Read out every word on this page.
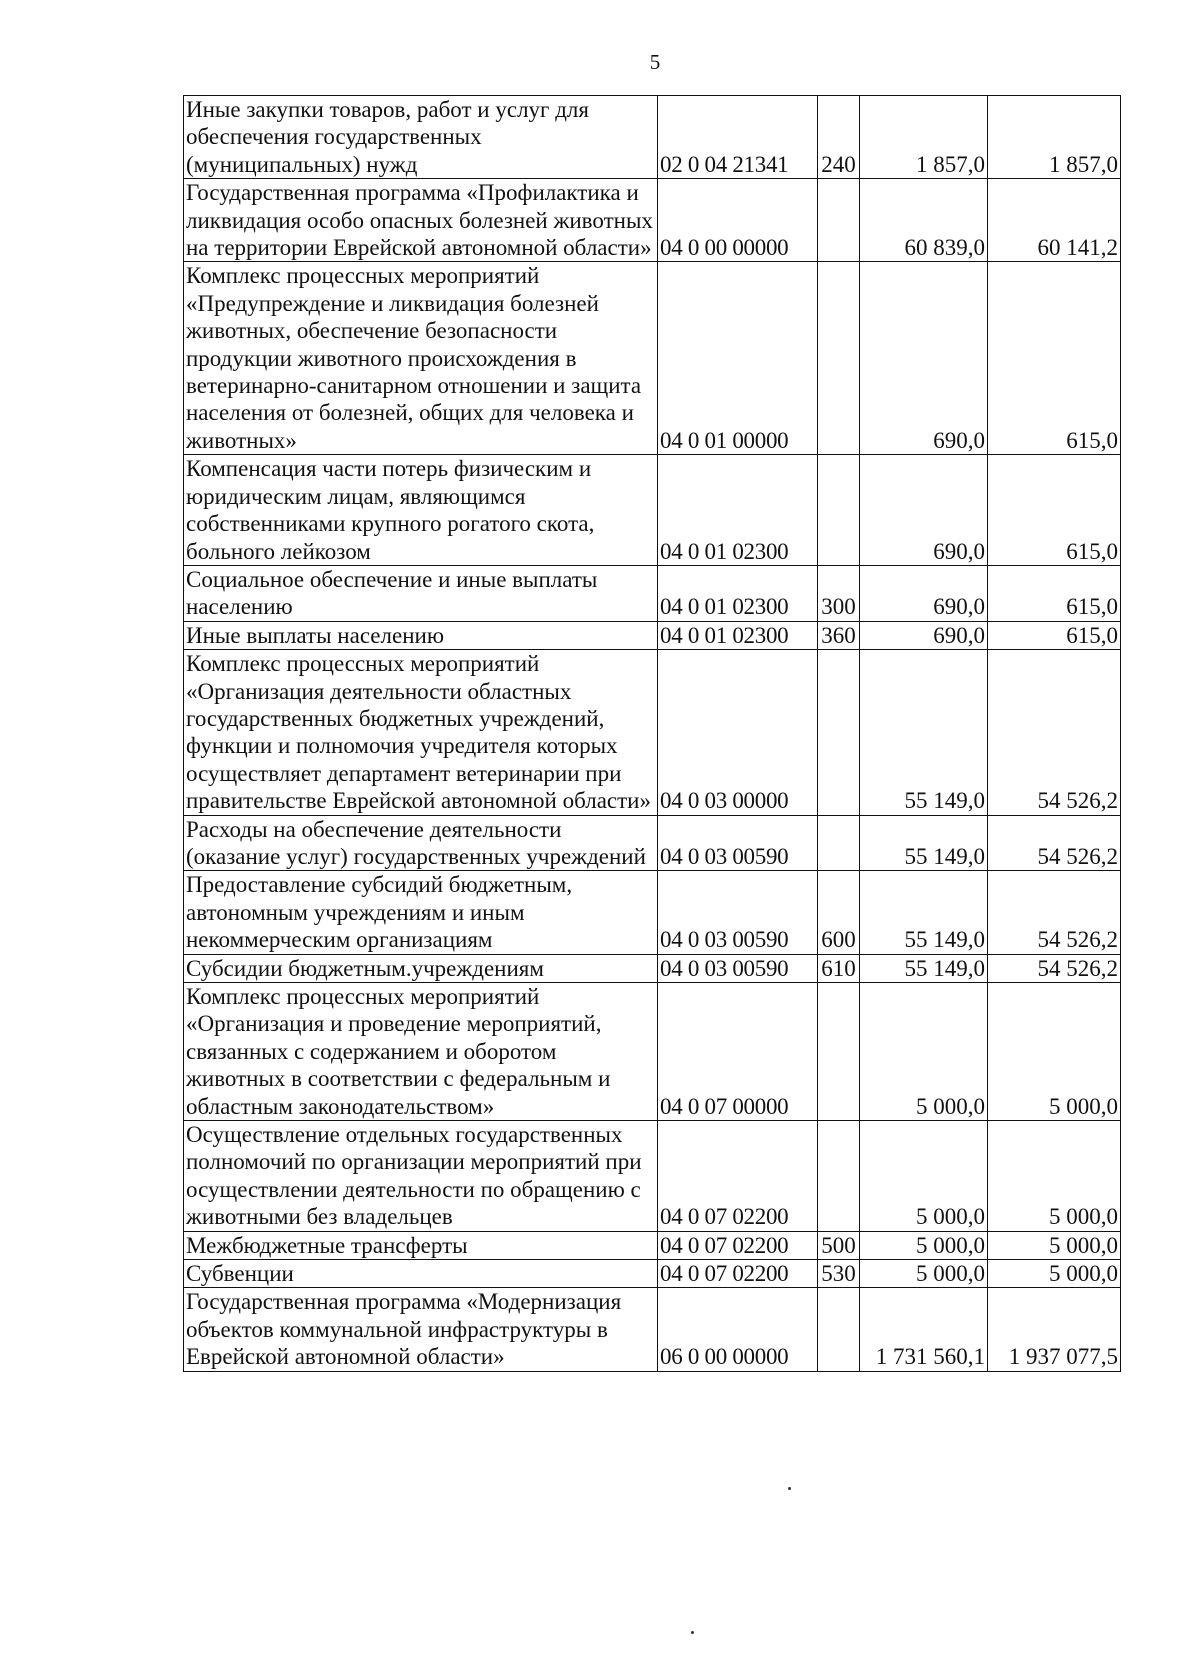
5
Иные закупки товаров, работ и услуг для обеспечения государственных (муниципальных) нужд	02 0 04 21341	240	1 857,0	1 857,0
Государственная программа «Профилактика и ликвидация особо опасных болезней животных на территории Еврейской автономной области»	04 0 00 00000		60 839,0	60 141,2
Комплекс процессных мероприятий «Предупреждение и ликвидация болезней животных, обеспечение безопасности продукции животного происхождения в ветеринарно-санитарном отношении и защита населения от болезней, общих для человека и животных»	04 0 01 00000		690,0	615,0
Компенсация части потерь физическим и юридическим лицам, являющимся собственниками крупного рогатого скота, больного лейкозом	04 0 01 02300		690,0	615,0
Социальное обеспечение и иные выплаты населению	04 0 01 02300	300	690,0	615,0
Иные выплаты населению	04 0 01 02300	360	690,0	615,0
Комплекс процессных мероприятий «Организация деятельности областных государственных бюджетных учреждений, функции и полномочия учредителя которых осуществляет департамент ветеринарии при правительстве Еврейской автономной области»	04 0 03 00000		55 149,0	54 526,2
Расходы на обеспечение деятельности (оказание услуг) государственных учреждений	04 0 03 00590		55 149,0	54 526,2
Предоставление субсидий бюджетным, автономным учреждениям и иным некоммерческим организациям	04 0 03 00590	600	55 149,0	54 526,2
Субсидии бюджетным.учреждениям	04 0 03 00590	610	55 149,0	54 526,2
Комплекс процессных мероприятий «Организация и проведение мероприятий, связанных с содержанием и оборотом животных в соответствии с федеральным и областным законодательством»	04 0 07 00000		5 000,0	5 000,0
Осуществление отдельных государственных полномочий по организации мероприятий при осуществлении деятельности по обращению с животными без владельцев	04 0 07 02200		5 000,0	5 000,0
Межбюджетные трансферты	04 0 07 02200	500	5 000,0	5 000,0
Субвенции	04 0 07 02200	530	5 000,0	5 000,0
Государственная программа «Модернизация объектов коммунальной инфраструктуры в Еврейской автономной области»	06 0 00 00000		1 731 560,1	1 937 077,5
